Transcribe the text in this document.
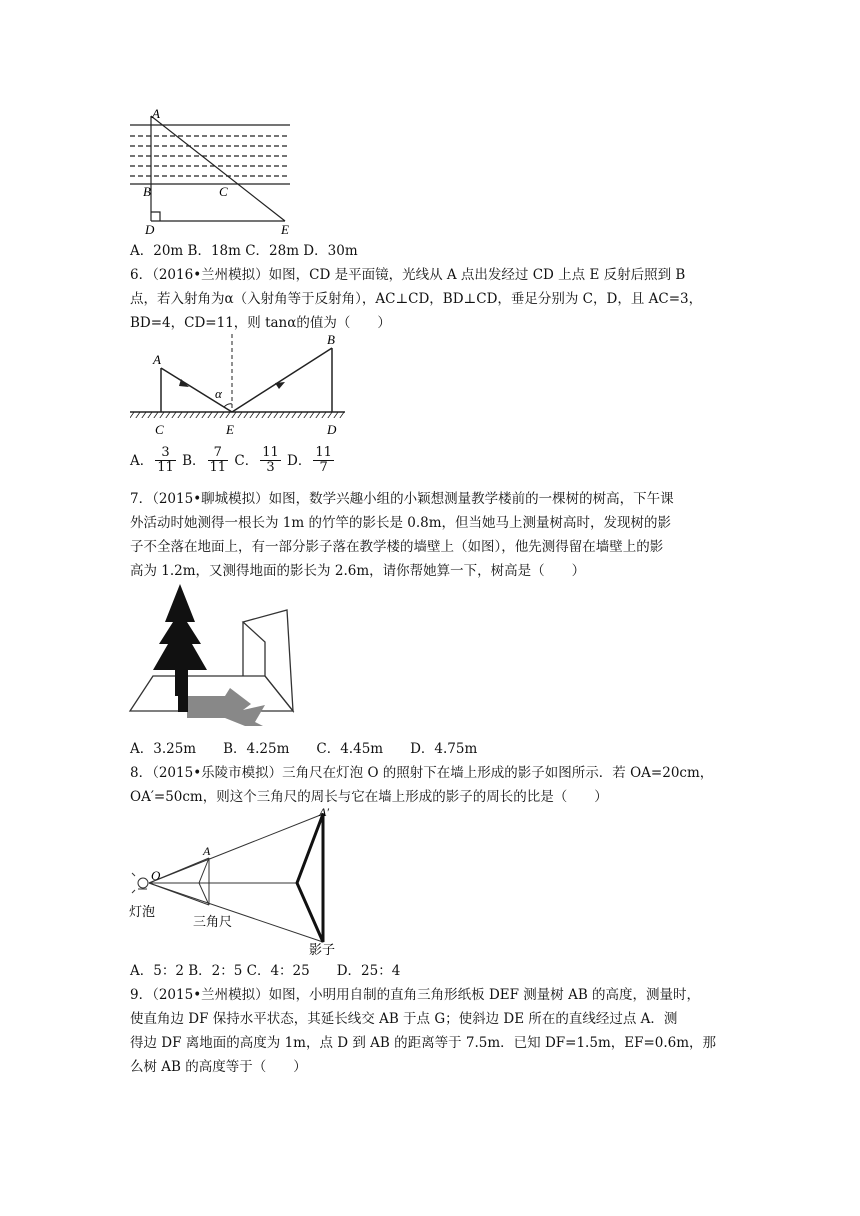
A
B	C
D	E
A．20m B．18m C．28m D．30m
6．（2016•兰州模拟）如图，CD 是平面镜，光线从 A 点出发经过 CD 上点 E 反射后照到 B
点，若入射角为α（入射角等于反射角），AC⊥CD，BD⊥CD，垂足分别为 C，D，且 AC=3，
BD=4，CD=11，则 tanα的值为（　　）
A
B
α
C	E	D
A． $\frac{3}{11}$ B． $\frac{7}{11}$ C． $\frac{11}{3}$ D． $\frac{11}{7}$
7．（2015•聊城模拟）如图，数学兴趣小组的小颖想测量教学楼前的一棵树的树高，下午课
外活动时她测得一根长为 1m 的竹竿的影长是 0.8m，但当她马上测量树高时，发现树的影
子不全落在地面上，有一部分影子落在教学楼的墙壁上（如图），他先测得留在墙壁上的影
高为 1.2m，又测得地面的影长为 2.6m，请你帮她算一下，树高是（　　）
A．3.25m　　B．4.25m　　C．4.45m　　D．4.75m
8．（2015•乐陵市模拟）三角尺在灯泡 O 的照射下在墙上形成的影子如图所示．若 OA=20cm，
OA′=50cm，则这个三角尺的周长与它在墙上形成的影子的周长的比是（　　）
O
A
A′
灯泡
三角尺
影子
A．5：2 B．2：5 C．4：25　　D．25：4
9．（2015•兰州模拟）如图，小明用自制的直角三角形纸板 DEF 测量树 AB 的高度，测量时，
使直角边 DF 保持水平状态，其延长线交 AB 于点 G；使斜边 DE 所在的直线经过点 A．测
得边 DF 离地面的高度为 1m，点 D 到 AB 的距离等于 7.5m．已知 DF=1.5m，EF=0.6m，那
么树 AB 的高度等于（　　）
